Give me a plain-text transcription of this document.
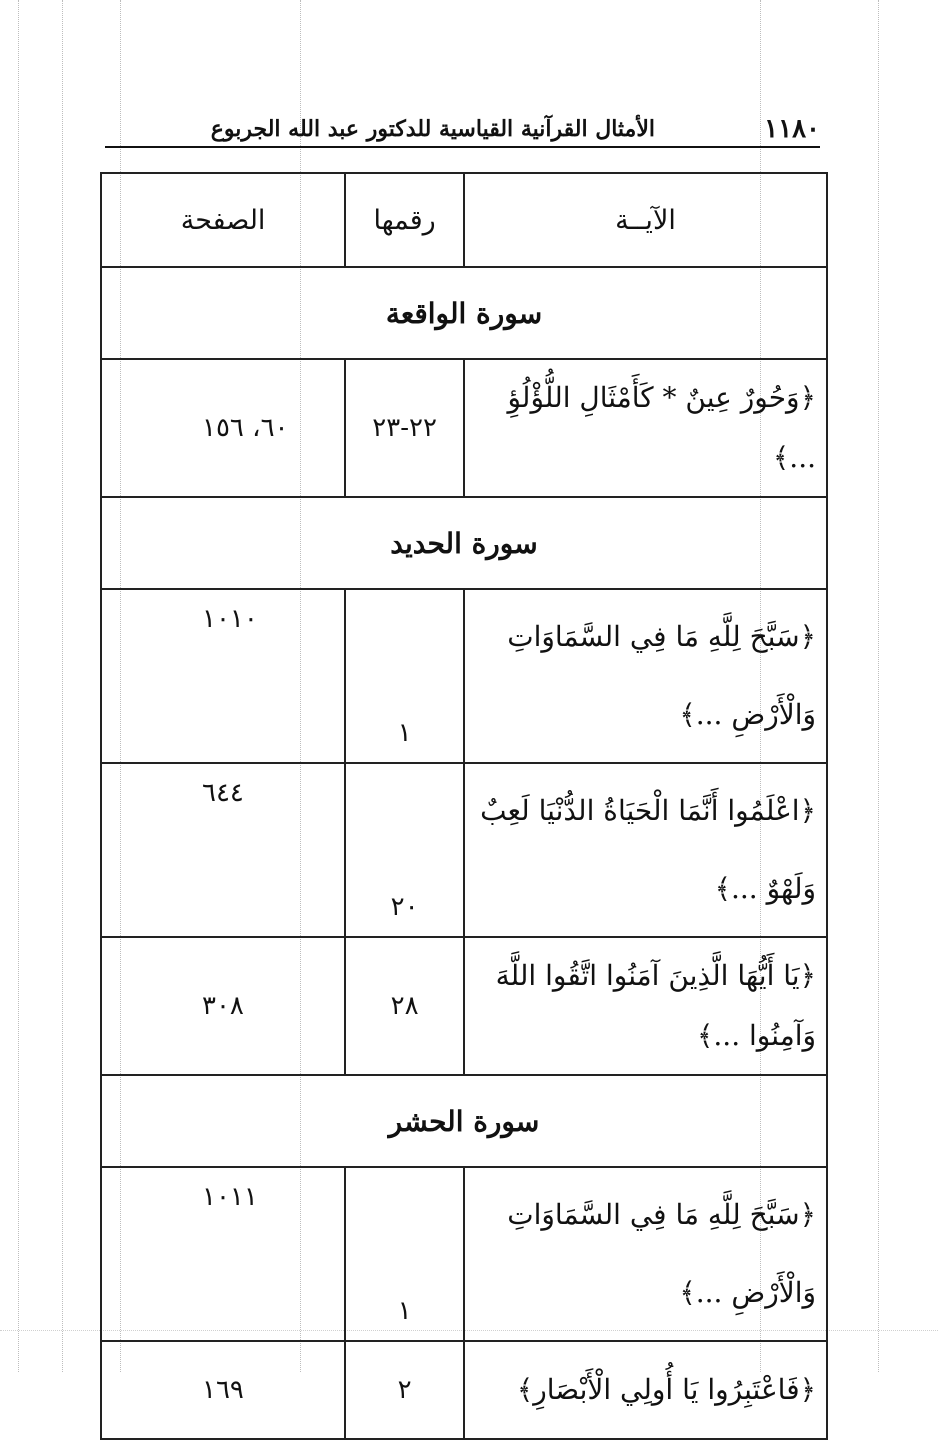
١١٨٠
الأمثال القرآنية القياسية للدكتور عبد الله الجربوع
الآيــة	رقمها	الصفحة
سورة الواقعة		
﴿وَحُورٌ عِينٌ * كَأَمْثَالِ اللُّؤْلُؤِ ...﴾	٢٢-٢٣	٦٠، ١٥٦
سورة الحديد		
﴿سَبَّحَ لِلَّهِ مَا فِي السَّمَاوَاتِ وَالْأَرْضِ ...﴾	١	١٠١٠
﴿اعْلَمُوا أَنَّمَا الْحَيَاةُ الدُّنْيَا لَعِبٌ وَلَهْوٌ ...﴾	٢٠	٦٤٤
﴿يَا أَيُّهَا الَّذِينَ آمَنُوا اتَّقُوا اللَّهَ وَآمِنُوا ...﴾	٢٨	٣٠٨
سورة الحشر		
﴿سَبَّحَ لِلَّهِ مَا فِي السَّمَاوَاتِ وَالْأَرْضِ ...﴾	١	١٠١١
﴿فَاعْتَبِرُوا يَا أُولِي الْأَبْصَارِ﴾	٢	١٦٩
